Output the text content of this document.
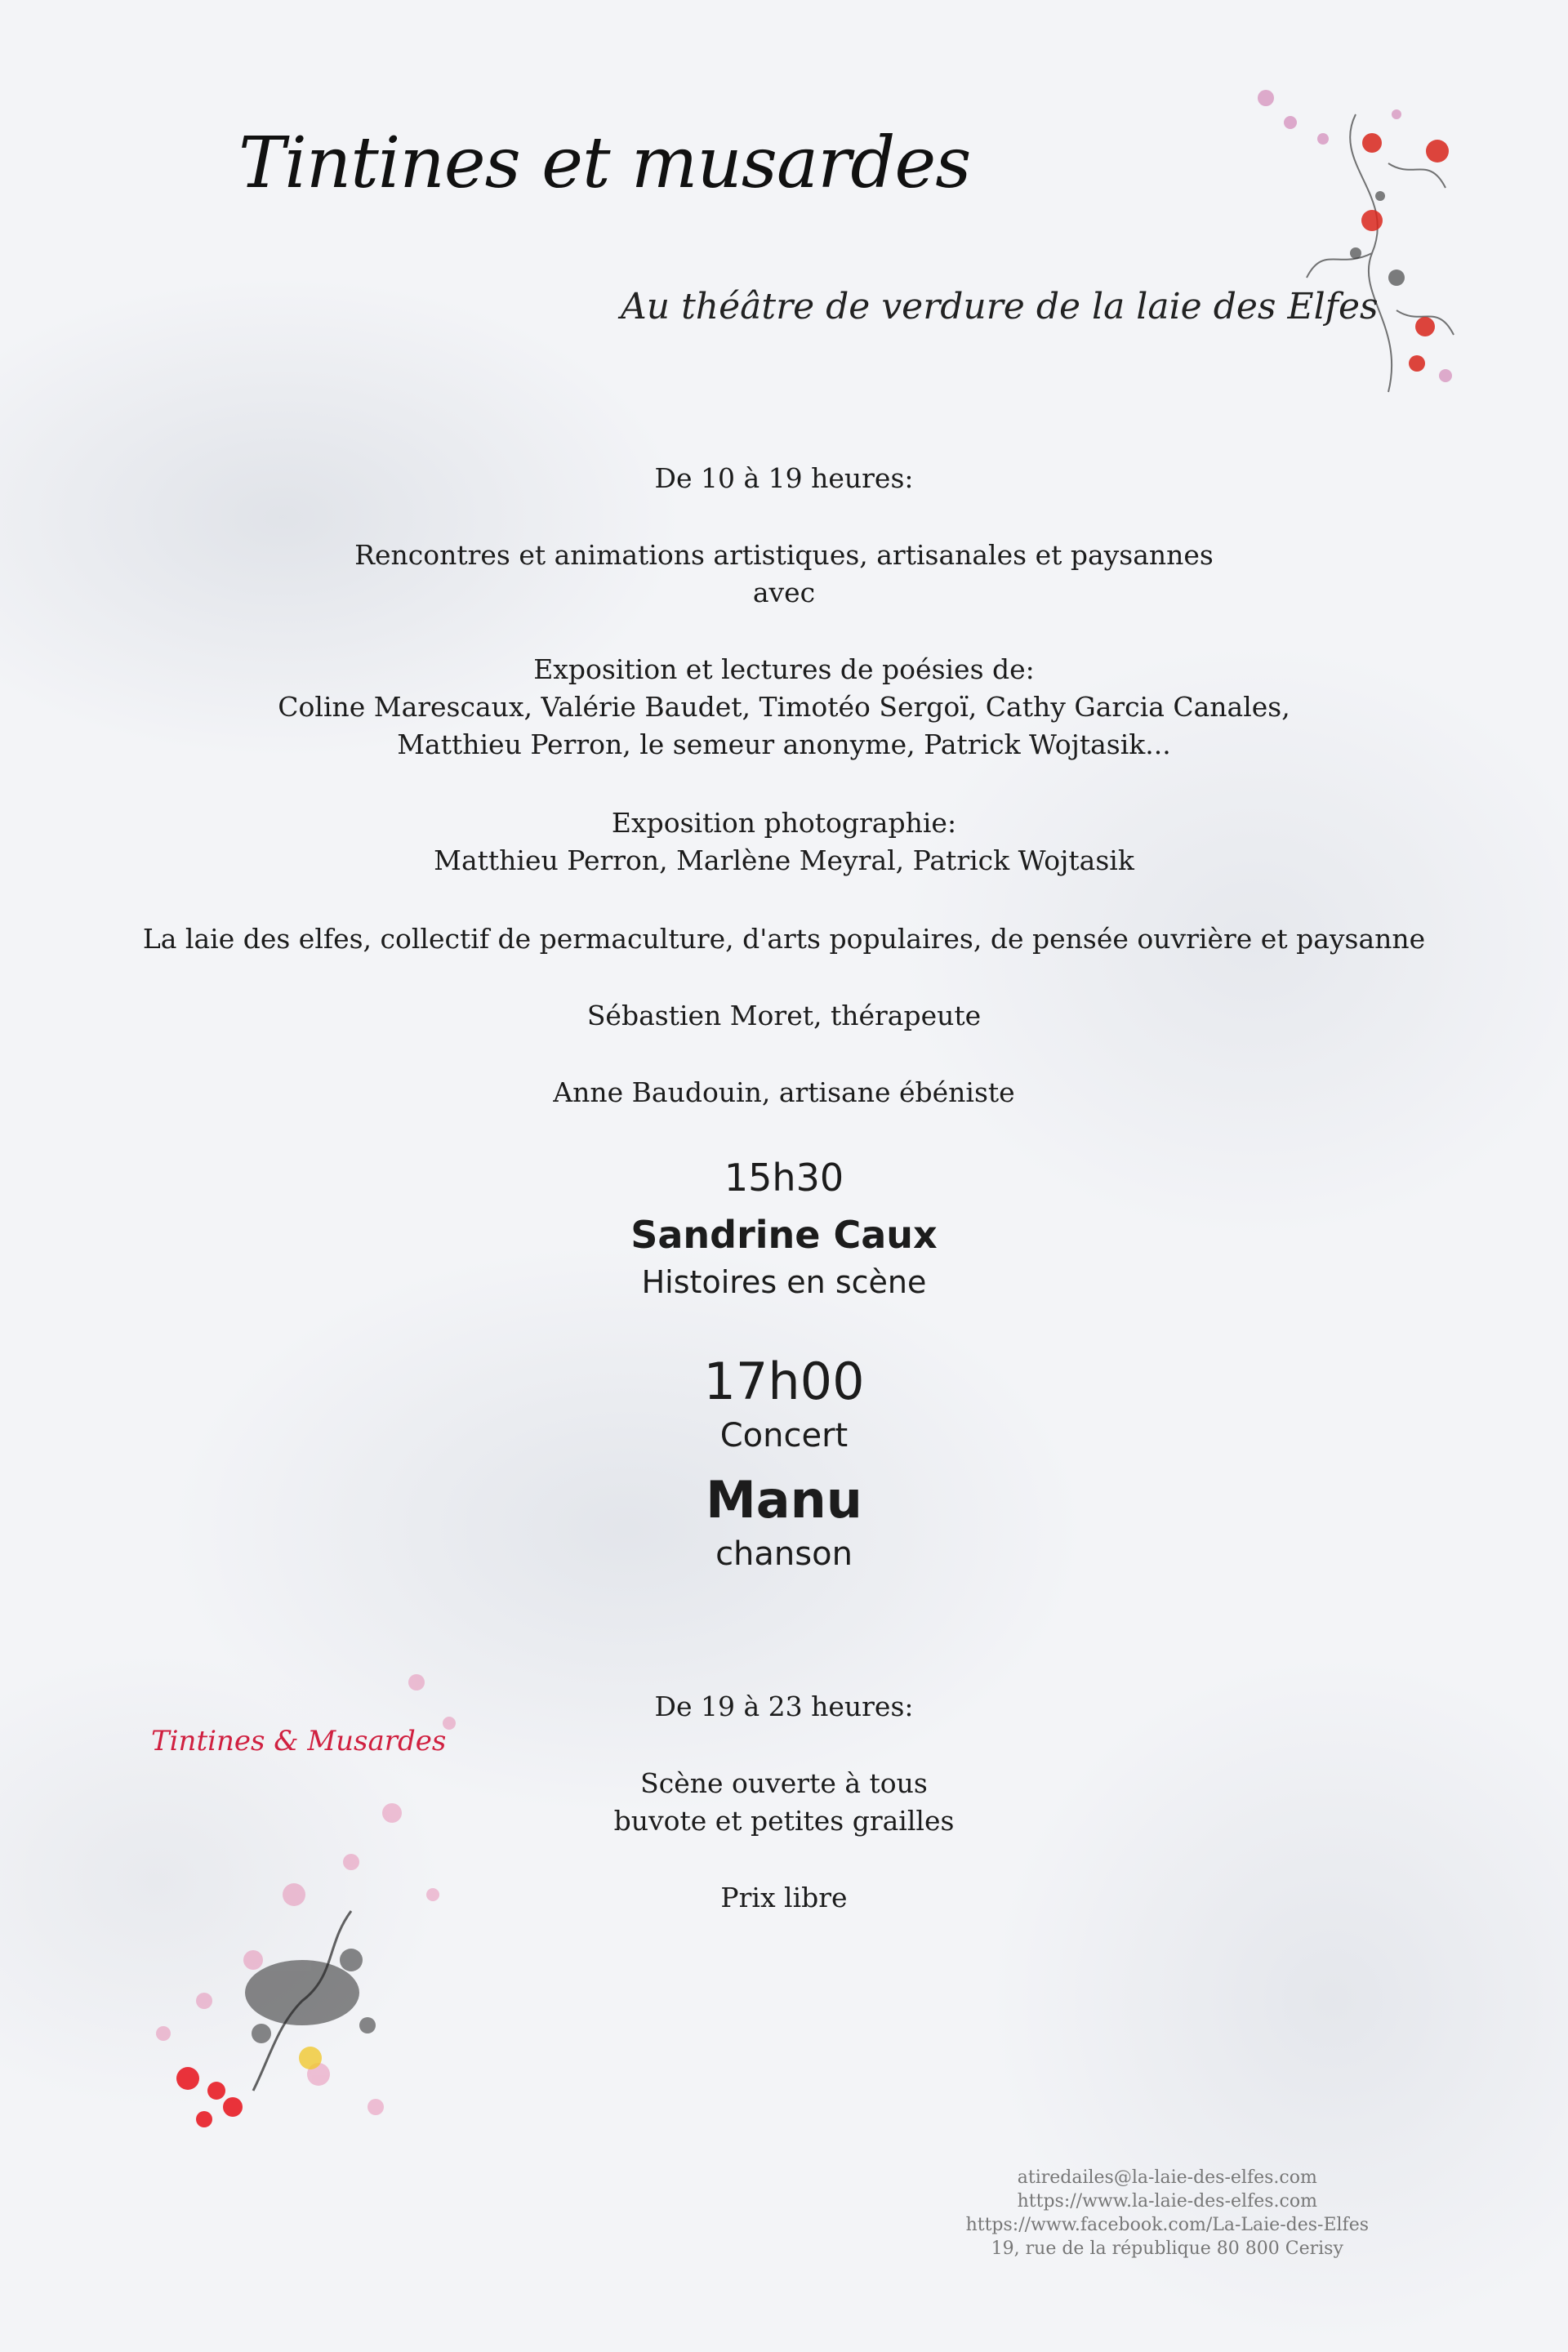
Tintines & Musardes
Tintines et musardes
Au théâtre de verdure de la laie des Elfes
De 10 à 19 heures:
Rencontres et animations artistiques, artisanales et paysannes
avec
Exposition et lectures de poésies de:
Coline Marescaux, Valérie Baudet, Timotéo Sergoï, Cathy Garcia Canales,
Matthieu Perron, le semeur anonyme, Patrick Wojtasik...
Exposition photographie:
Matthieu Perron, Marlène Meyral, Patrick Wojtasik
La laie des elfes, collectif de permaculture, d'arts populaires, de pensée ouvrière et paysanne
Sébastien Moret, thérapeute
Anne Baudouin, artisane ébéniste
15h30
Sandrine Caux
Histoires en scène
17h00
Concert
Manu
chanson
De 19 à 23 heures:
Scène ouverte à tous
buvote et petites grailles
Prix libre
atiredailes@la-laie-des-elfes.com
https://www.la-laie-des-elfes.com
https://www.facebook.com/La-Laie-des-Elfes
19, rue de la république 80 800 Cerisy
